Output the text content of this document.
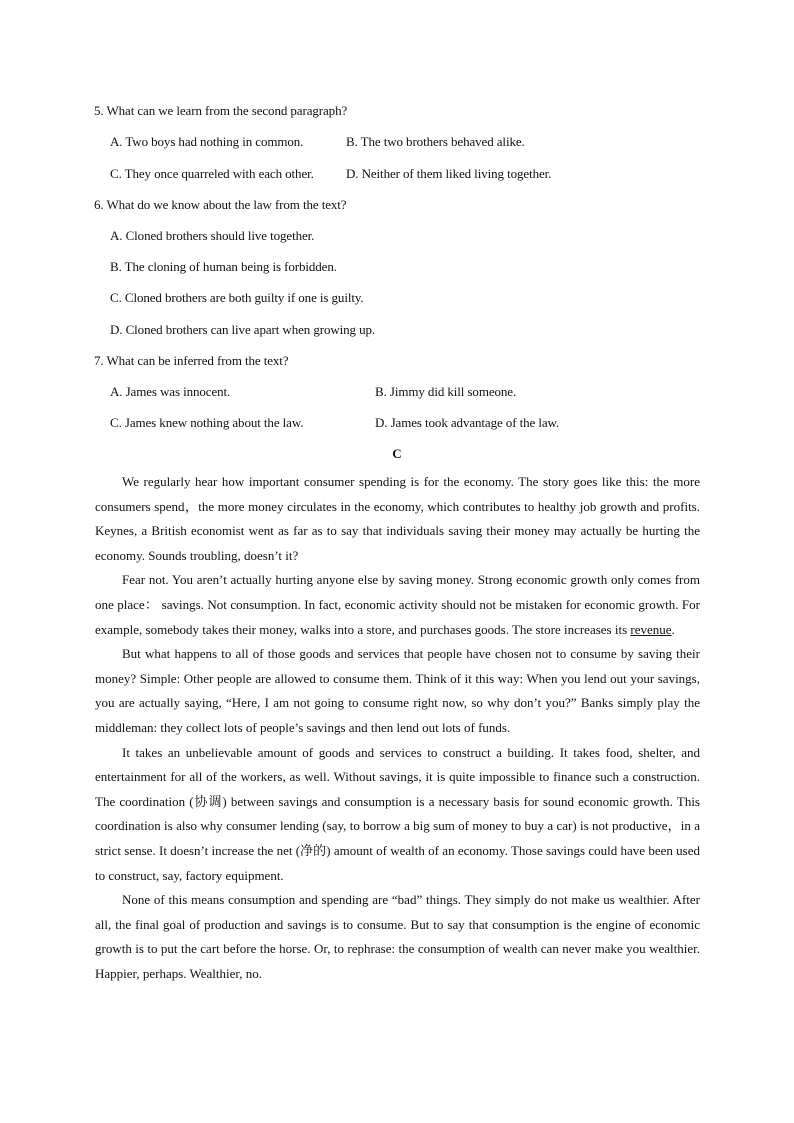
5. What can we learn from the second paragraph?
A. Two boys had nothing in common.	B. The two brothers behaved alike.
C. They once quarreled with each other. D. Neither of them liked living together.
6. What do we know about the law from the text?
A. Cloned brothers should live together.
B. The cloning of human being is forbidden.
C. Cloned brothers are both guilty if one is guilty.
D. Cloned brothers can live apart when growing up.
7. What can be inferred from the text?
A. James was innocent.	B. Jimmy did kill someone.
C. James knew nothing about the law.	D. James took advantage of the law.
C

We regularly hear how important consumer spending is for the economy. The story goes like this: the more consumers spend，the more money circulates in the economy, which contributes to healthy job growth and profits. Keynes, a British economist went as far as to say that individuals saving their money may actually be hurting the economy. Sounds troubling, doesn’t it?

Fear not. You aren’t actually hurting anyone else by saving money. Strong economic growth only comes from one place： savings. Not consumption. In fact, economic activity should not be mistaken for economic growth. For example, somebody takes their money, walks into a store, and purchases goods. The store increases its revenue.

But what happens to all of those goods and services that people have chosen not to consume by saving their money? Simple: Other people are allowed to consume them. Think of it this way: When you lend out your savings, you are actually saying, “Here, I am not going to consume right now, so why don’t you?” Banks simply play the middleman: they collect lots of people’s savings and then lend out lots of funds.

It takes an unbelievable amount of goods and services to construct a building. It takes food, shelter, and entertainment for all of the workers, as well. Without savings, it is quite impossible to finance such a construction. The coordination (协调) between savings and consumption is a necessary basis for sound economic growth. This coordination is also why consumer lending (say, to borrow a big sum of money to buy a car) is not productive，in a strict sense. It doesn’t increase the net (净的) amount of wealth of an economy. Those savings could have been used to construct, say, factory equipment.

None of this means consumption and spending are “bad” things. They simply do not make us wealthier. After all, the final goal of production and savings is to consume. But to say that consumption is the engine of economic growth is to put the cart before the horse. Or, to rephrase: the consumption of wealth can never make you wealthier. Happier, perhaps. Wealthier, no.
